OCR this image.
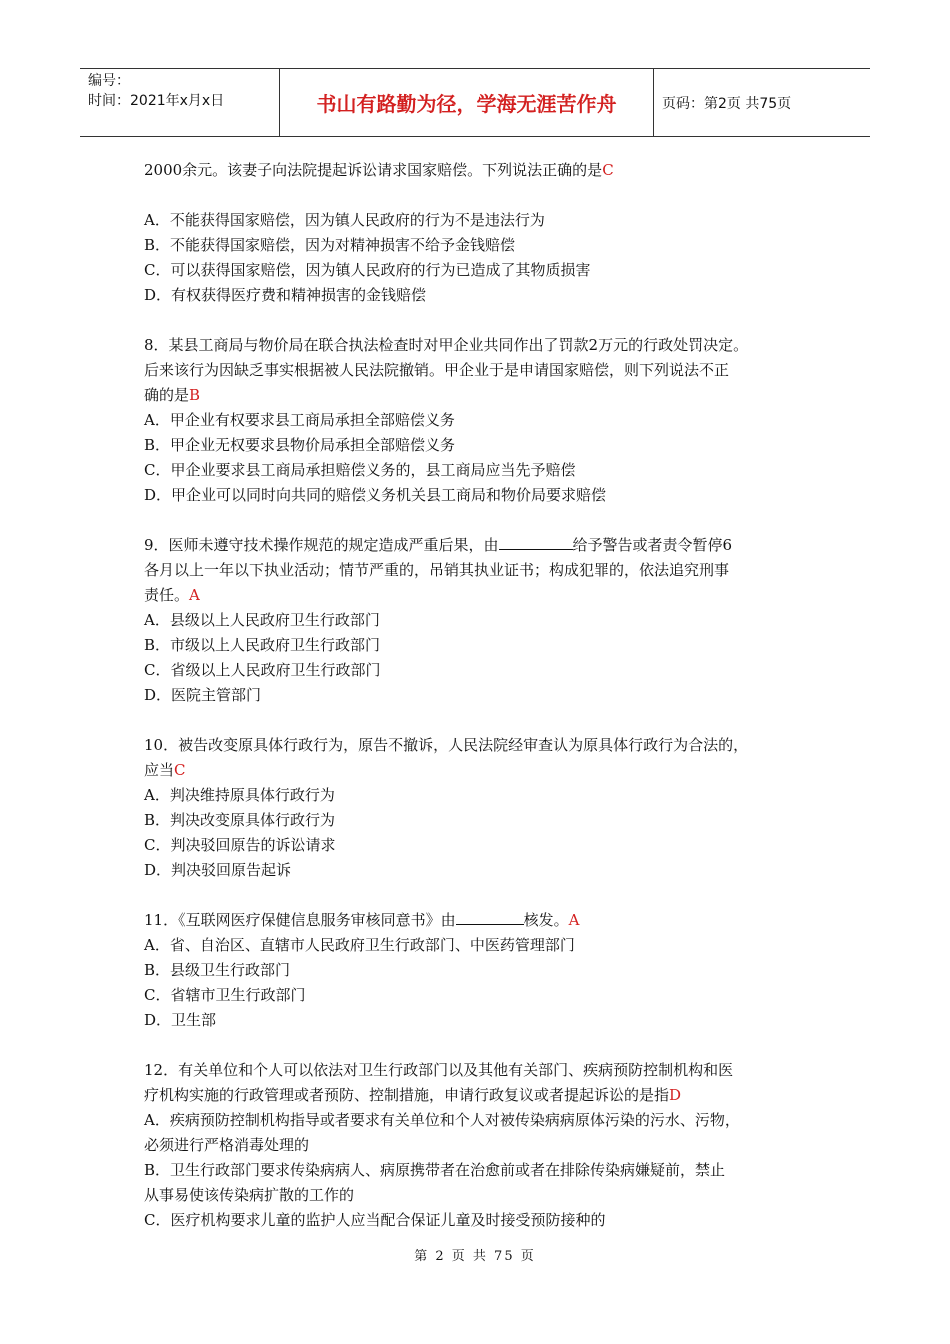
编号：
时间：2021年x月x日	书山有路勤为径，学海无涯苦作舟	页码：第2页 共75页

2000余元。该妻子向法院提起诉讼请求国家赔偿。下列说法正确的是C

A．不能获得国家赔偿，因为镇人民政府的行为不是违法行为

B．不能获得国家赔偿，因为对精神损害不给予金钱赔偿

C．可以获得国家赔偿，因为镇人民政府的行为已造成了其物质损害

D．有权获得医疗费和精神损害的金钱赔偿

8．某县工商局与物价局在联合执法检查时对甲企业共同作出了罚款2万元的行政处罚决定。

后来该行为因缺乏事实根据被人民法院撤销。甲企业于是申请国家赔偿，则下列说法不正

确的是B

A．甲企业有权要求县工商局承担全部赔偿义务

B．甲企业无权要求县物价局承担全部赔偿义务

C．甲企业要求县工商局承担赔偿义务的，县工商局应当先予赔偿

D．甲企业可以同时向共同的赔偿义务机关县工商局和物价局要求赔偿

9．医师未遵守技术操作规范的规定造成严重后果，由	给予警告或者责令暂停6

各月以上一年以下执业活动；情节严重的，吊销其执业证书；构成犯罪的，依法追究刑事

责任。A

A．县级以上人民政府卫生行政部门

B．市级以上人民政府卫生行政部门

C．省级以上人民政府卫生行政部门

D．医院主管部门

10．被告改变原具体行政行为，原告不撤诉，人民法院经审查认为原具体行政行为合法的，

应当C

A．判决维持原具体行政行为

B．判决改变原具体行政行为

C．判决驳回原告的诉讼请求

D．判决驳回原告起诉

11．《互联网医疗保健信息服务审核同意书》由	核发。A

A．省、自治区、直辖市人民政府卫生行政部门、中医药管理部门

B．县级卫生行政部门

C．省辖市卫生行政部门

D．卫生部

12．有关单位和个人可以依法对卫生行政部门以及其他有关部门、疾病预防控制机构和医

疗机构实施的行政管理或者预防、控制措施，申请行政复议或者提起诉讼的是指D

A．疾病预防控制机构指导或者要求有关单位和个人对被传染病病原体污染的污水、污物，

必须进行严格消毒处理的

B．卫生行政部门要求传染病病人、病原携带者在治愈前或者在排除传染病嫌疑前，禁止

从事易使该传染病扩散的工作的

C．医疗机构要求儿童的监护人应当配合保证儿童及时接受预防接种的

第 2 页 共 75 页
